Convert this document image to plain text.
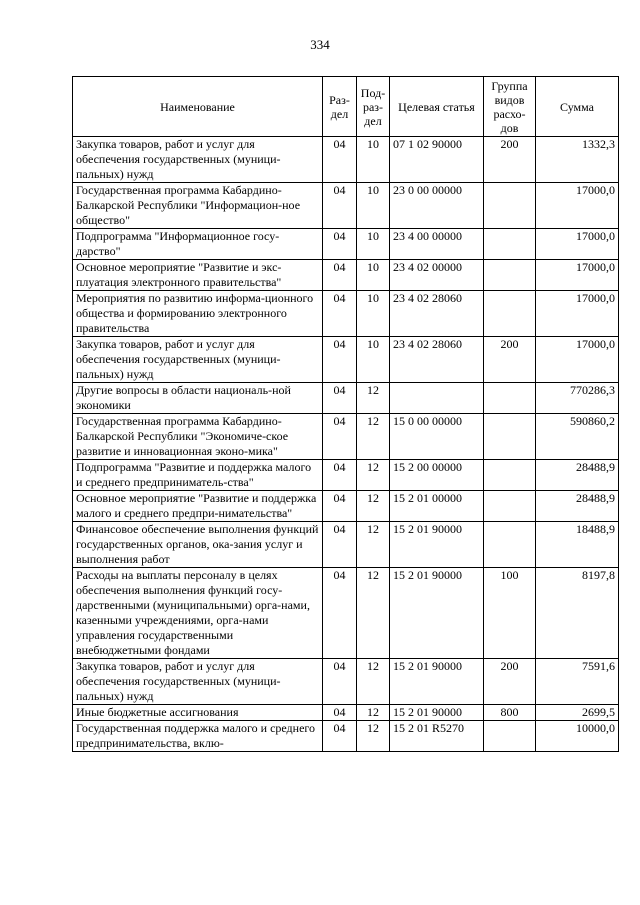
334
Наименование	Раз-дел	Под-раз-дел	Целевая статья	Группа видов расхо-дов	Сумма
Закупка товаров, работ и услуг для обеспечения государственных (муници-пальных) нужд	04	10	07 1 02 90000	200	1332,3
Государственная программа Кабардино-Балкарской Республики "Информацион-ное общество"	04	10	23 0 00 00000		17000,0
Подпрограмма "Информационное госу-дарство"	04	10	23 4 00 00000		17000,0
Основное мероприятие "Развитие и экс-плуатация электронного правительства"	04	10	23 4 02 00000		17000,0
Мероприятия по развитию информа-ционного общества и формированию электронного правительства	04	10	23 4 02 28060		17000,0
Закупка товаров, работ и услуг для обеспечения государственных (муници-пальных) нужд	04	10	23 4 02 28060	200	17000,0
Другие вопросы в области националь-ной экономики	04	12			770286,3
Государственная программа Кабардино-Балкарской Республики "Экономиче-ское развитие и инновационная эконо-мика"	04	12	15 0 00 00000		590860,2
Подпрограмма "Развитие и поддержка малого и среднего предприниматель-ства"	04	12	15 2 00 00000		28488,9
Основное мероприятие "Развитие и поддержка малого и среднего предпри-нимательства"	04	12	15 2 01 00000		28488,9
Финансовое обеспечение выполнения функций государственных органов, ока-зания услуг и выполнения работ	04	12	15 2 01 90000		18488,9
Расходы на выплаты персоналу в целях обеспечения выполнения функций госу-дарственными (муниципальными) орга-нами, казенными учреждениями, орга-нами управления государственными внебюджетными фондами	04	12	15 2 01 90000	100	8197,8
Закупка товаров, работ и услуг для обеспечения государственных (муници-пальных) нужд	04	12	15 2 01 90000	200	7591,6
Иные бюджетные ассигнования	04	12	15 2 01 90000	800	2699,5
Государственная поддержка малого и среднего предпринимательства, вклю-	04	12	15 2 01 R5270		10000,0
